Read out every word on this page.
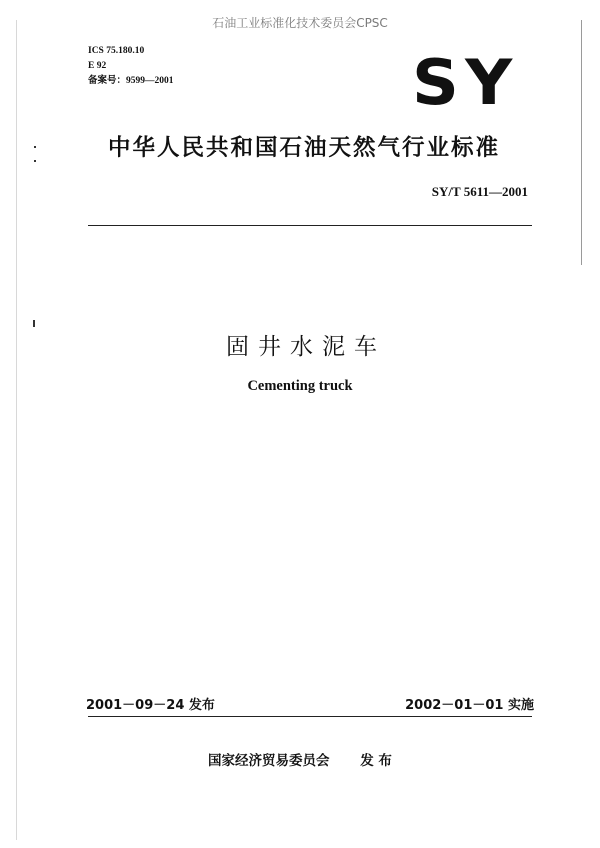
石油工业标准化技术委员会CPSC
ICS 75.180.10
E 92
备案号：9599—2001	SY
中华人民共和国石油天然气行业标准
SY/T 5611—2001
固井水泥车
Cementing truck
2001－09－24 发布	2002－01－01 实施
国家经济贸易委员会 发 布
